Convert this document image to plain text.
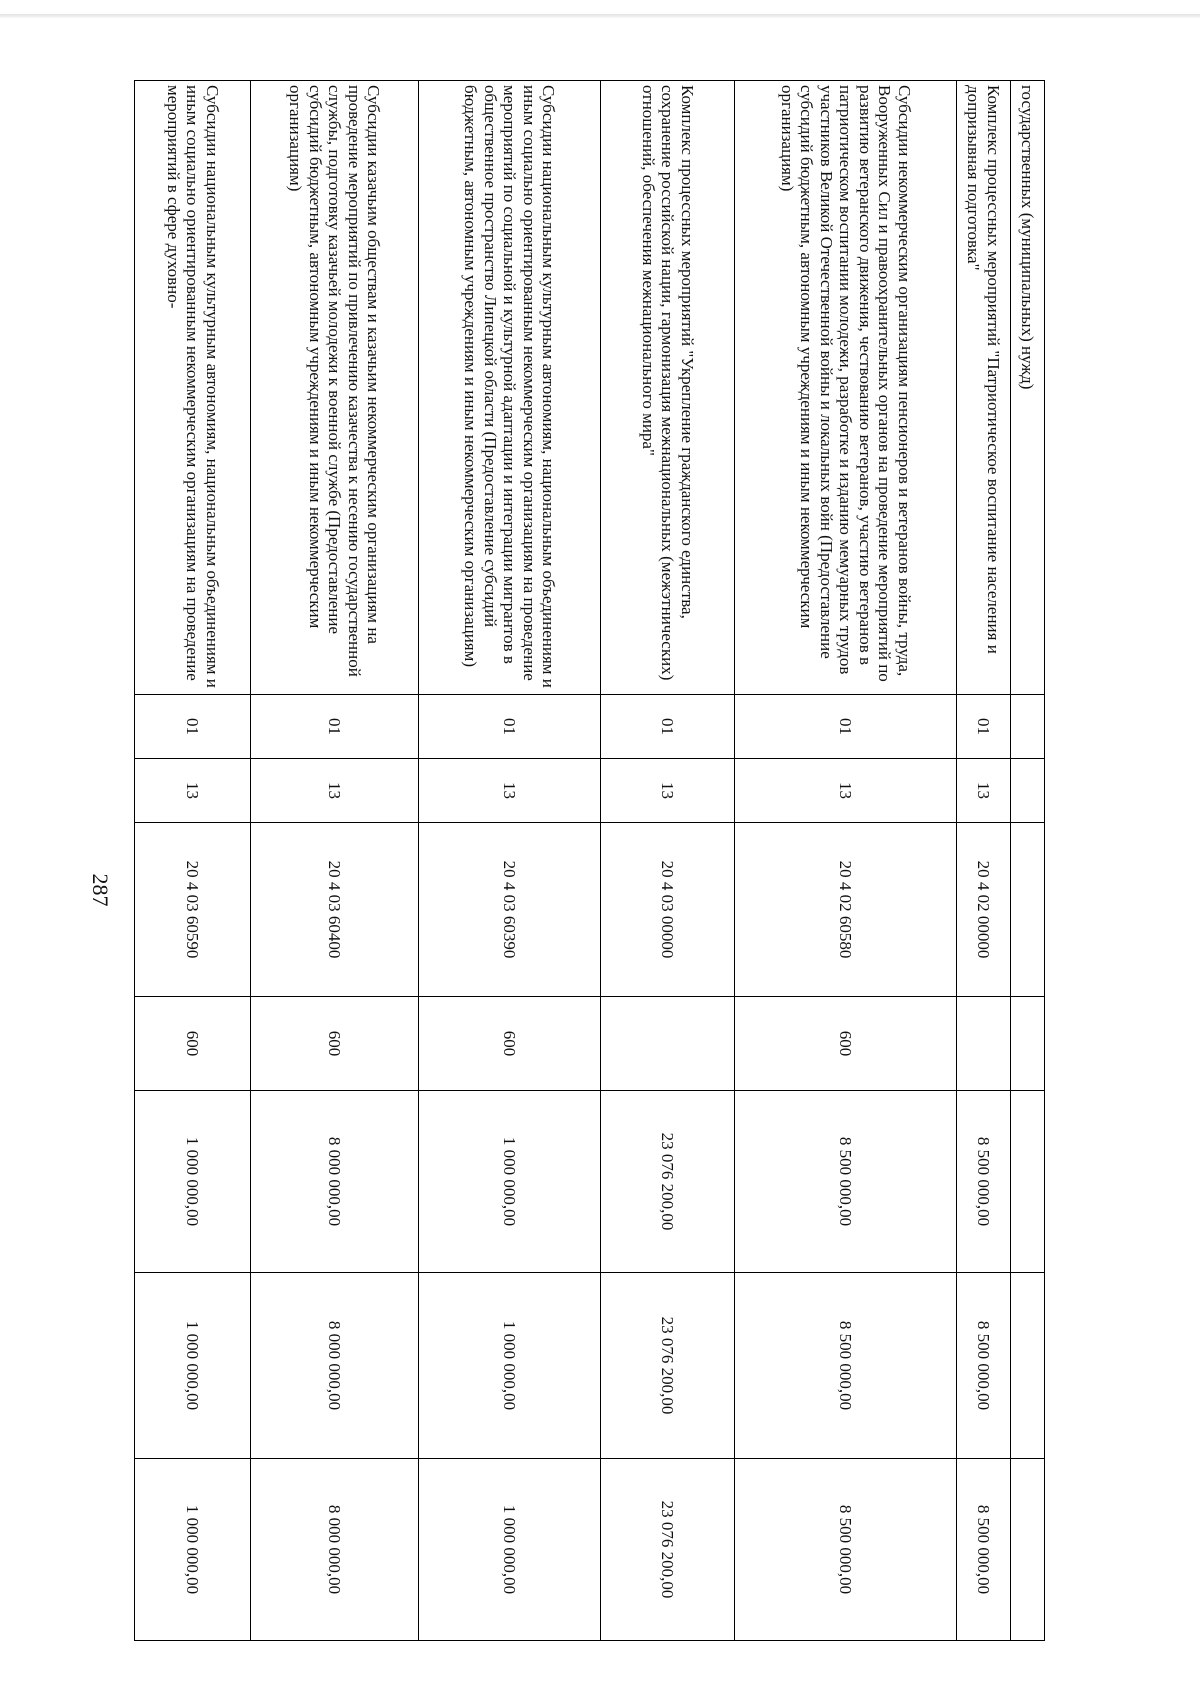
287
государственных (муниципальных) нужд)							
Комплекс процессных мероприятий "Патриотическое воспитание населения и допризывная подготовка"	01	13	20 4 02 00000		8 500 000,00	8 500 000,00	8 500 000,00
Субсидии некоммерческим организациям пенсионеров и ветеранов войны, труда, Вооруженных Сил и правоохранительных органов на проведение мероприятий по развитию ветеранского движения, чествованию ветеранов, участию ветеранов в патриотическом воспитании молодежи, разработке и изданию мемуарных трудов участников Великой Отечественной войны и локальных войн (Предоставление субсидий бюджетным, автономным учреждениям и иным некоммерческим организациям)	01	13	20 4 02 60580	600	8 500 000,00	8 500 000,00	8 500 000,00
Комплекс процессных мероприятий "Укрепление гражданского единства, сохранение российской нации, гармонизация межнациональных (межэтнических) отношений, обеспечения межнационального мира"	01	13	20 4 03 00000		23 076 200,00	23 076 200,00	23 076 200,00
Субсидии национальным культурным автономиям, национальным объединениям и иным социально ориентированным некоммерческим организациям на проведение мероприятий по социальной и культурной адаптации и интеграции мигрантов в общественное пространство Липецкой области (Предоставление субсидий бюджетным, автономным учреждениям и иным некоммерческим организациям)	01	13	20 4 03 60390	600	1 000 000,00	1 000 000,00	1 000 000,00
Субсидии казачьим обществам и казачьим некоммерческим организациям на проведение мероприятий по привлечению казачества к несению государственной службы, подготовку казачьей молодежи к военной службе (Предоставление субсидий бюджетным, автономным учреждениям и иным некоммерческим организациям)	01	13	20 4 03 60400	600	8 000 000,00	8 000 000,00	8 000 000,00
Субсидии национальным культурным автономиям, национальным объединениям и иным социально ориентированным некоммерческим организациям на проведение мероприятий в сфере духовно-	01	13	20 4 03 60590	600	1 000 000,00	1 000 000,00	1 000 000,00
